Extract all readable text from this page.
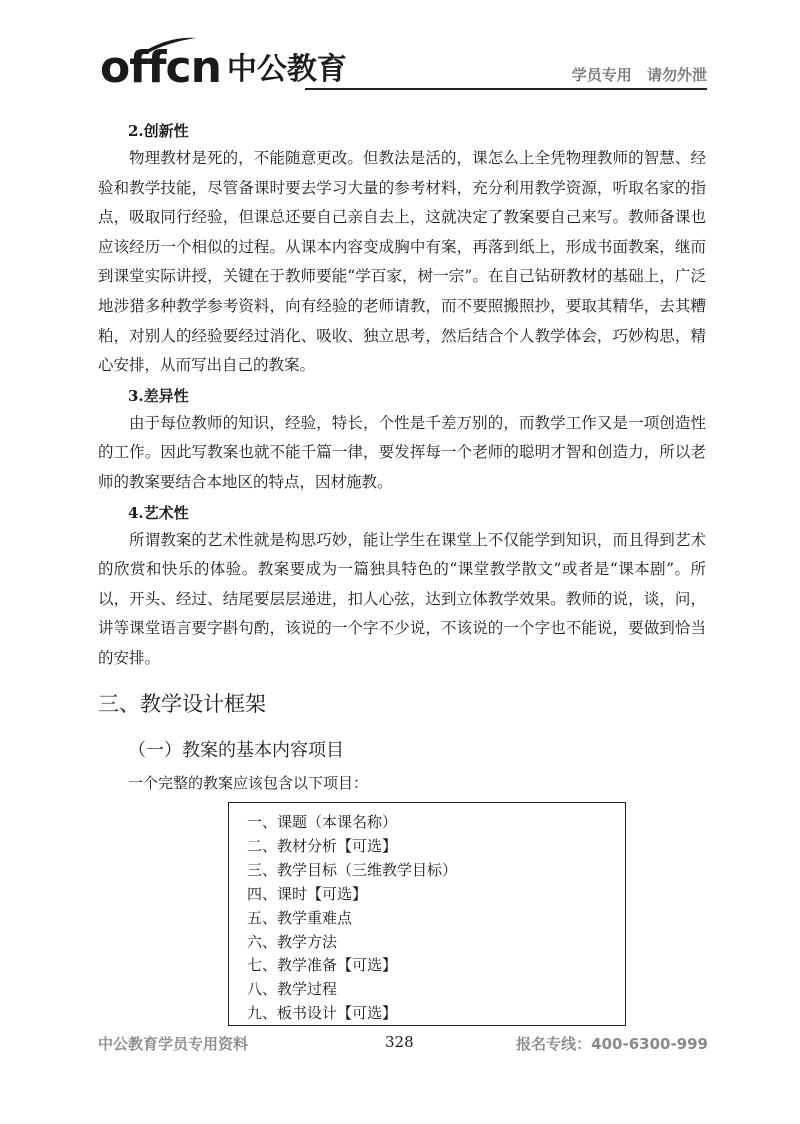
offcn 中公教育	学员专用 请勿外泄
2.创新性

物理教材是死的，不能随意更改。但教法是活的，课怎么上全凭物理教师的智慧、经验和教学技能，尽管备课时要去学习大量的参考材料，充分利用教学资源，听取名家的指点，吸取同行经验，但课总还要自己亲自去上，这就决定了教案要自己来写。教师备课也应该经历一个相似的过程。从课本内容变成胸中有案，再落到纸上，形成书面教案，继而到课堂实际讲授，关键在于教师要能“学百家，树一宗”。在自己钻研教材的基础上，广泛地涉猎多种教学参考资料，向有经验的老师请教，而不要照搬照抄，要取其精华，去其糟粕，对别人的经验要经过消化、吸收、独立思考，然后结合个人教学体会，巧妙构思，精心安排，从而写出自己的教案。

3.差异性

由于每位教师的知识，经验，特长，个性是千差万别的，而教学工作又是一项创造性的工作。因此写教案也就不能千篇一律，要发挥每一个老师的聪明才智和创造力，所以老师的教案要结合本地区的特点，因材施教。

4.艺术性

所谓教案的艺术性就是构思巧妙，能让学生在课堂上不仅能学到知识，而且得到艺术的欣赏和快乐的体验。教案要成为一篇独具特色的“课堂教学散文”或者是“课本剧”。所以，开头、经过、结尾要层层递进，扣人心弦，达到立体教学效果。教师的说，谈，问，讲等课堂语言要字斟句酌，该说的一个字不少说，不该说的一个字也不能说，要做到恰当的安排。

三、教学设计框架
（一）教案的基本内容项目
一个完整的教案应该包含以下项目：
一、课题（本课名称）
二、教材分析【可选】
三、教学目标（三维教学目标）
四、课时【可选】
五、教学重难点
六、教学方法
七、教学准备【可选】
八、教学过程
九、板书设计【可选】
中公教育学员专用资料	328	报名专线：400-6300-999
